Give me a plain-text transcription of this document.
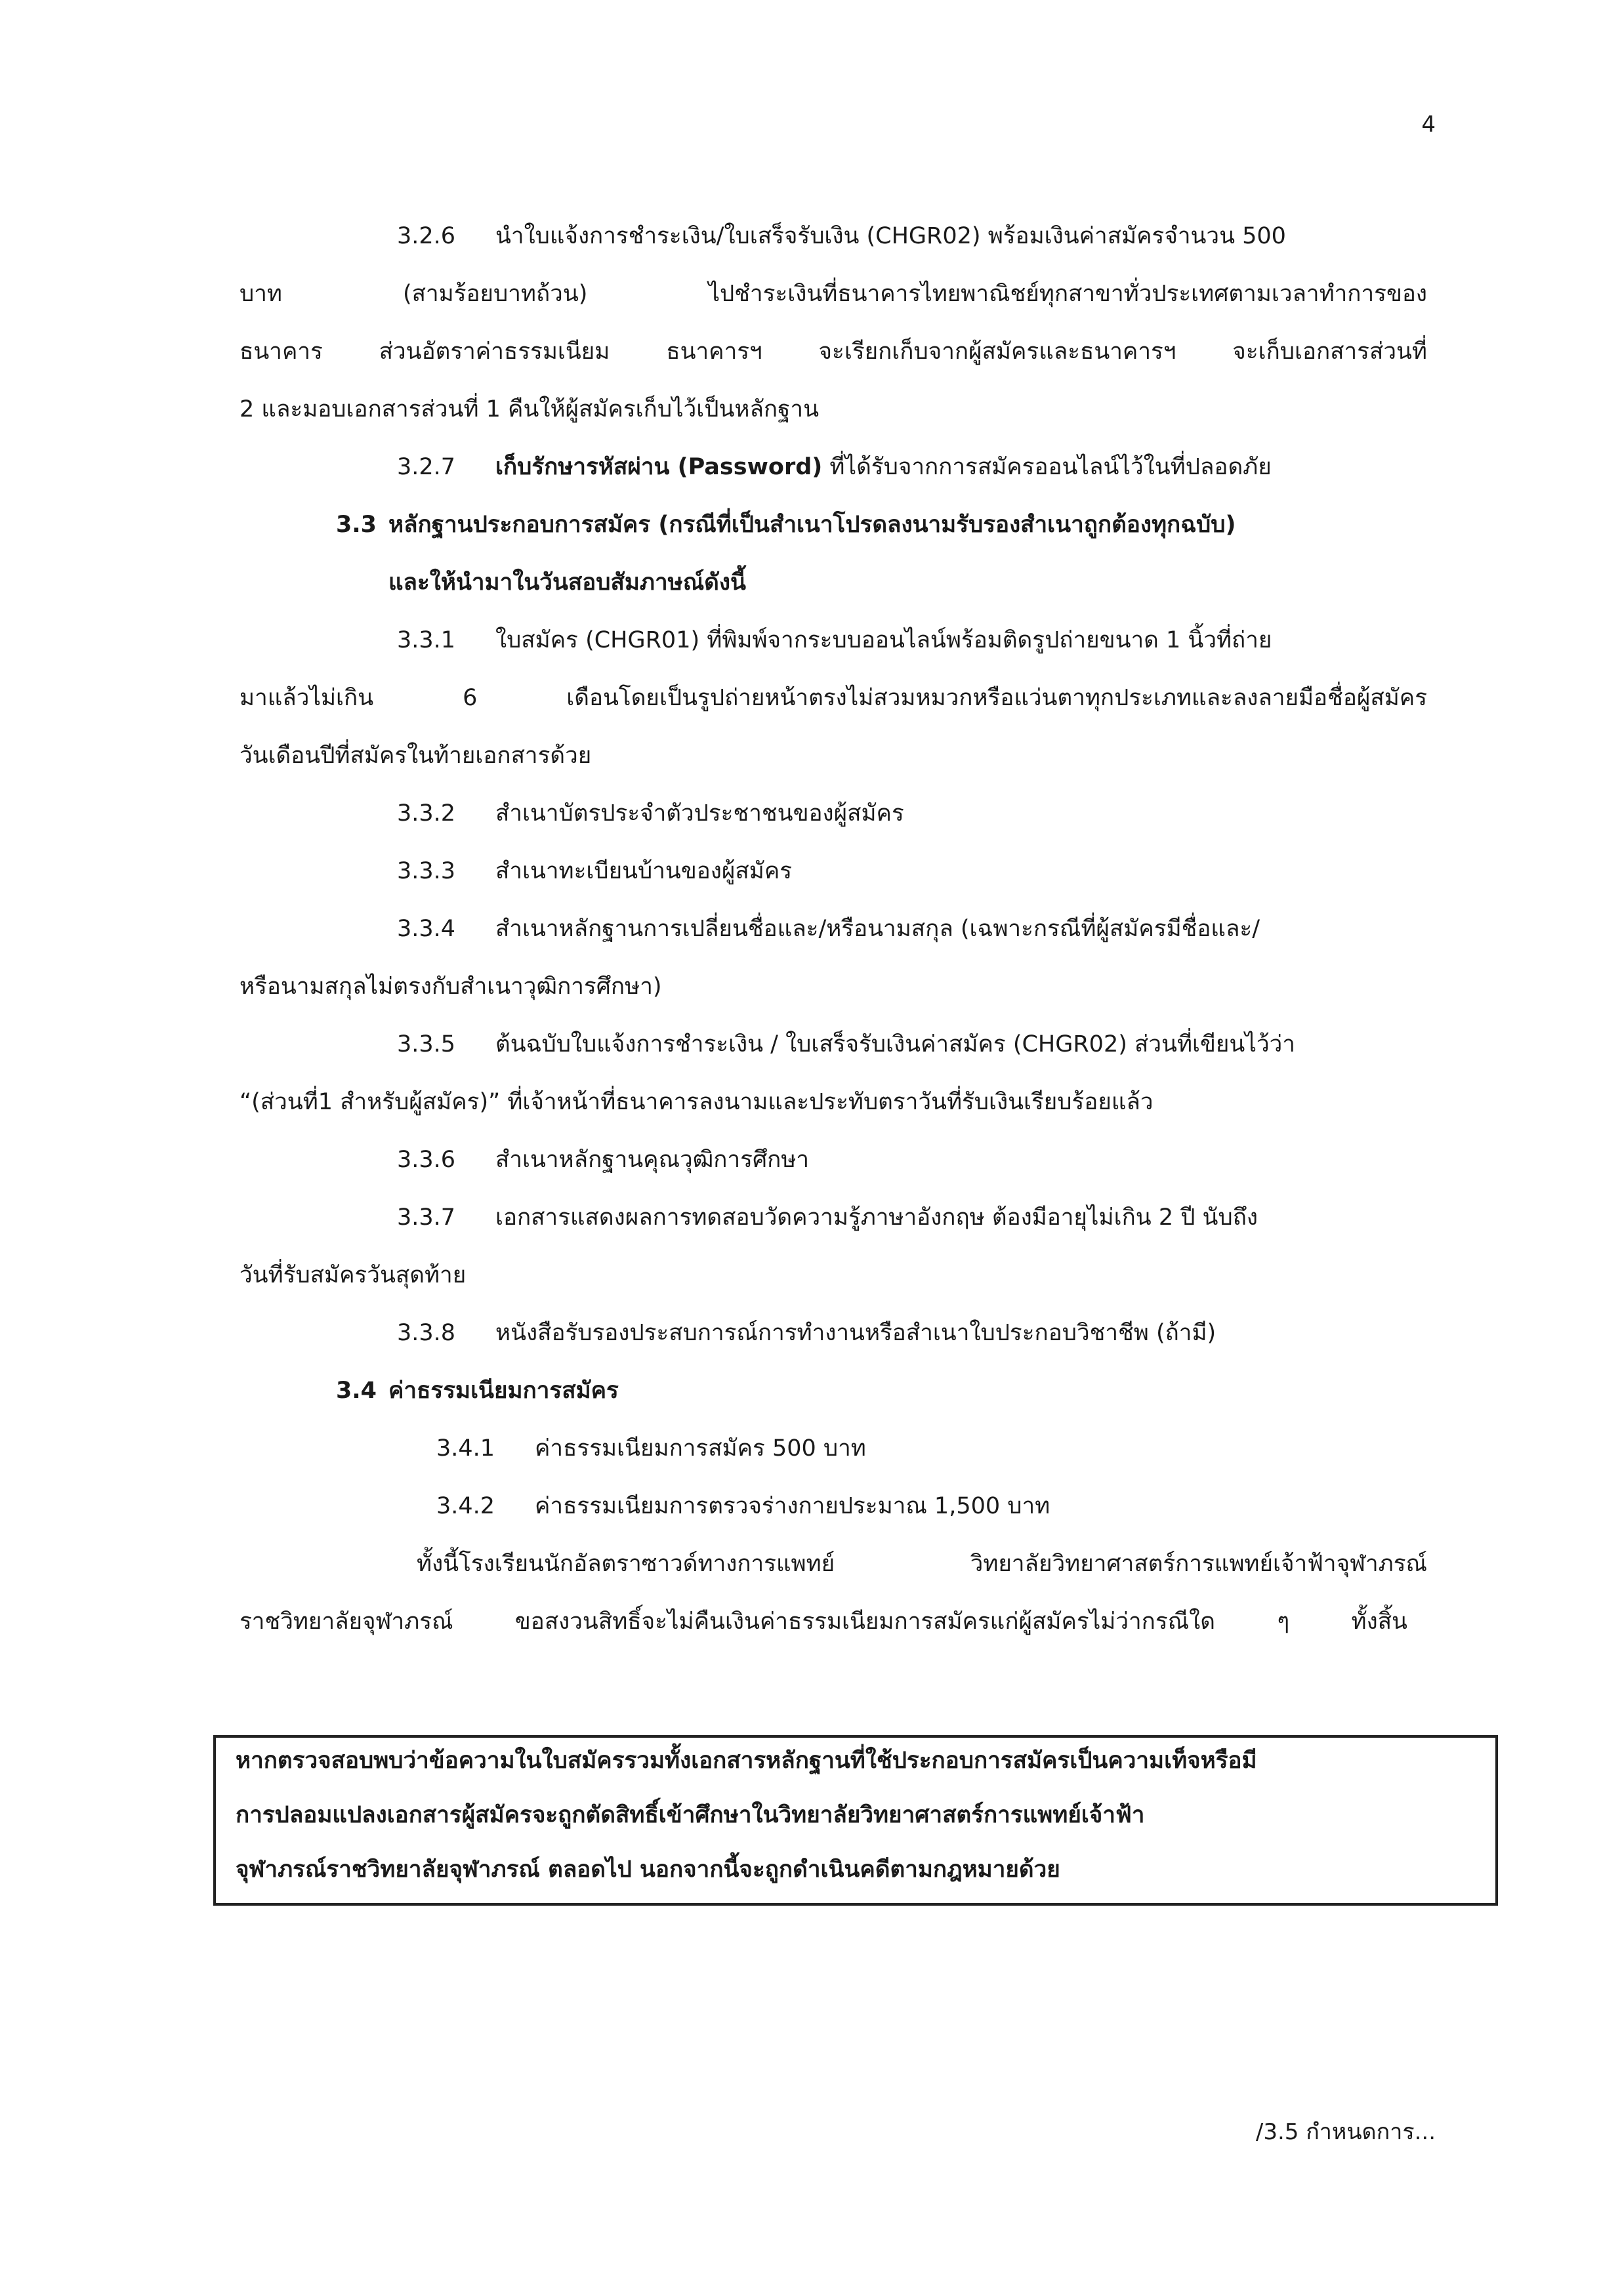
4
3.2.6 นำใบแจ้งการชำระเงิน/ใบเสร็จรับเงิน (CHGR02) พร้อมเงินค่าสมัครจำนวน 500
บาท (สามร้อยบาทถ้วน) ไปชำระเงินที่ธนาคารไทยพาณิชย์ทุกสาขาทั่วประเทศตามเวลาทำการของ
ธนาคาร ส่วนอัตราค่าธรรมเนียม ธนาคารฯ จะเรียกเก็บจากผู้สมัครและธนาคารฯ จะเก็บเอกสารส่วนที่
2 และมอบเอกสารส่วนที่ 1 คืนให้ผู้สมัครเก็บไว้เป็นหลักฐาน
3.2.7 เก็บรักษารหัสผ่าน (Password) ที่ได้รับจากการสมัครออนไลน์ไว้ในที่ปลอดภัย
3.3 หลักฐานประกอบการสมัคร (กรณีที่เป็นสำเนาโปรดลงนามรับรองสำเนาถูกต้องทุกฉบับ)
และให้นำมาในวันสอบสัมภาษณ์ดังนี้
3.3.1 ใบสมัคร (CHGR01) ที่พิมพ์จากระบบออนไลน์พร้อมติดรูปถ่ายขนาด 1 นิ้วที่ถ่าย
มาแล้วไม่เกิน 6 เดือนโดยเป็นรูปถ่ายหน้าตรงไม่สวมหมวกหรือแว่นตาทุกประเภทและลงลายมือชื่อผู้สมัคร
วันเดือนปีที่สมัครในท้ายเอกสารด้วย
3.3.2 สำเนาบัตรประจำตัวประชาชนของผู้สมัคร
3.3.3 สำเนาทะเบียนบ้านของผู้สมัคร
3.3.4 สำเนาหลักฐานการเปลี่ยนชื่อและ/หรือนามสกุล (เฉพาะกรณีที่ผู้สมัครมีชื่อและ/
หรือนามสกุลไม่ตรงกับสำเนาวุฒิการศึกษา)
3.3.5 ต้นฉบับใบแจ้งการชำระเงิน / ใบเสร็จรับเงินค่าสมัคร (CHGR02) ส่วนที่เขียนไว้ว่า
“(ส่วนที่1 สำหรับผู้สมัคร)” ที่เจ้าหน้าที่ธนาคารลงนามและประทับตราวันที่รับเงินเรียบร้อยแล้ว
3.3.6 สำเนาหลักฐานคุณวุฒิการศึกษา
3.3.7 เอกสารแสดงผลการทดสอบวัดความรู้ภาษาอังกฤษ ต้องมีอายุไม่เกิน 2 ปี นับถึง
วันที่รับสมัครวันสุดท้าย
3.3.8 หนังสือรับรองประสบการณ์การทำงานหรือสำเนาใบประกอบวิชาชีพ (ถ้ามี)
3.4 ค่าธรรมเนียมการสมัคร
3.4.1 ค่าธรรมเนียมการสมัคร 500 บาท
3.4.2 ค่าธรรมเนียมการตรวจร่างกายประมาณ 1,500 บาท
ทั้งนี้โรงเรียนนักอัลตราซาวด์ทางการแพทย์ วิทยาลัยวิทยาศาสตร์การแพทย์เจ้าฟ้าจุฬาภรณ์
ราชวิทยาลัยจุฬาภรณ์ ขอสงวนสิทธิ์จะไม่คืนเงินค่าธรรมเนียมการสมัครแก่ผู้สมัครไม่ว่ากรณีใด ๆ ทั้งสิ้น
หากตรวจสอบพบว่าข้อความในใบสมัครรวมทั้งเอกสารหลักฐานที่ใช้ประกอบการสมัครเป็นความเท็จหรือมี
การปลอมแปลงเอกสารผู้สมัครจะถูกตัดสิทธิ์เข้าศึกษาในวิทยาลัยวิทยาศาสตร์การแพทย์เจ้าฟ้า
จุฬาภรณ์ราชวิทยาลัยจุฬาภรณ์ ตลอดไป นอกจากนี้จะถูกดำเนินคดีตามกฎหมายด้วย
/3.5 กำหนดการ...
